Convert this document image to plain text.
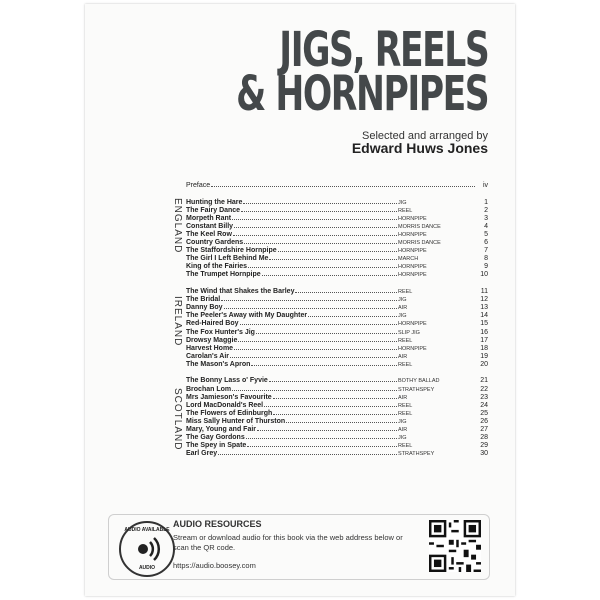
JIGS, REELS
& HORNPIPES
Selected and arranged by
Edward Huws Jones
ENGLAND
IRELAND
SCOTLAND
Preface	iv
Hunting the Hare	JIG	1
The Fairy Dance	REEL	2
Morpeth Rant	HORNPIPE	3
Constant Billy	MORRIS DANCE	4
The Keel Row	HORNPIPE	5
Country Gardens	MORRIS DANCE	6
The Staffordshire Hornpipe	HORNPIPE	7
The Girl I Left Behind Me	MARCH	8
King of the Fairies	HORNPIPE	9
The Trumpet Hornpipe	HORNPIPE	10
The Wind that Shakes the Barley	REEL	11
The Bridal	JIG	12
Danny Boy	AIR	13
The Peeler's Away with My Daughter	JIG	14
Red-Haired Boy	HORNPIPE	15
The Fox Hunter's Jig	SLIP JIG	16
Drowsy Maggie	REEL	17
Harvest Home	HORNPIPE	18
Carolan's Air	AIR	19
The Mason's Apron	REEL	20
The Bonny Lass o' Fyvie	BOTHY BALLAD	21
Brochan Lom	STRATHSPEY	22
Mrs Jamieson's Favourite	AIR	23
Lord MacDonald's Reel	REEL	24
The Flowers of Edinburgh	REEL	25
Miss Sally Hunter of Thurston	JIG	26
Mary, Young and Fair	AIR	27
The Gay Gordons	JIG	28
The Spey in Spate	REEL	29
Earl Grey	STRATHSPEY	30
AUDIO AVAILABLE
AUDIO
AUDIO RESOURCES
Stream or download audio for this book via the web address below or scan the QR code.
https://audio.boosey.com
